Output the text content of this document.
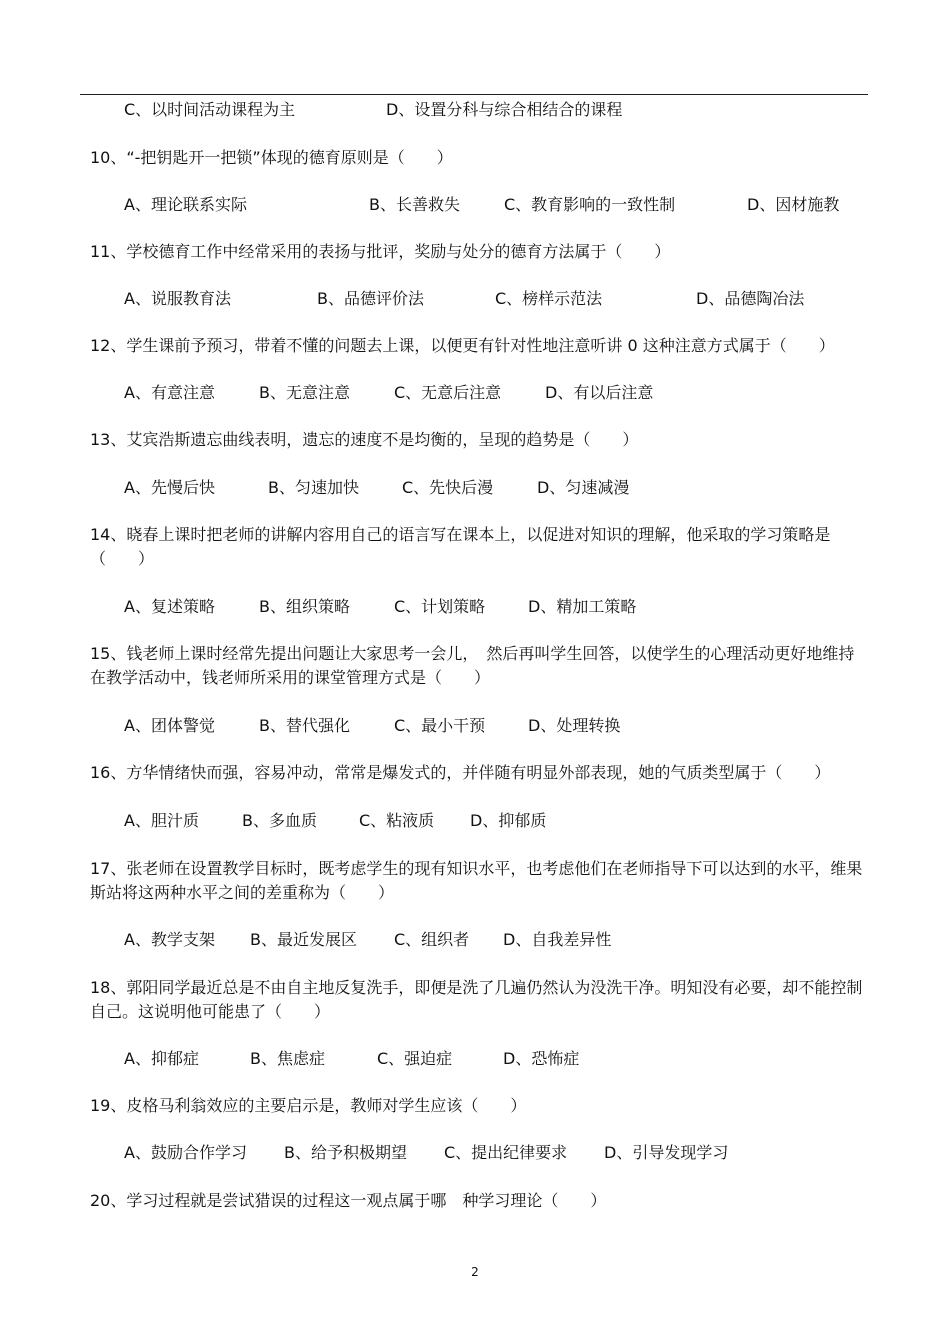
C、以时间活动课程为主	D、设置分科与综合相结合的课程
10、“-把钥匙开一把锁”体现的德育原则是（　　）
A、理论联系实际	B、长善救失	C、教育影响的一致性制	D、因材施教
11、学校德育工作中经常采用的表扬与批评，奖励与处分的德育方法属于（　　）
A、说服教育法	B、品德评价法	C、榜样示范法	D、品德陶冶法
12、学生课前予预习，带着不懂的问题去上课，以便更有针对性地注意听讲 0 这种注意方式属于（　　）
A、有意注意	B、无意注意	C、无意后注意	D、有以后注意
13、艾宾浩斯遗忘曲线表明，遗忘的速度不是均衡的，呈现的趋势是（　　）
A、先慢后快	B、匀速加快	C、先快后漫	D、匀速减漫
14、晓春上课时把老师的讲解内容用自己的语言写在课本上，以促进对知识的理解，他采取的学习策略是（　　）
A、复述策略	B、组织策略	C、计划策略	D、精加工策略
15、钱老师上课时经常先提出问题让大家思考一会儿，　然后再叫学生回答，以使学生的心理活动更好地维持在教学活动中，钱老师所采用的课堂管理方式是（　　）
A、团体警觉	B、替代强化	C、最小干预	D、处理转换
16、方华情绪快而强，容易冲动，常常是爆发式的，并伴随有明显外部表现，她的气质类型属于（　　）
A、胆汁质	B、多血质	C、粘液质 D、抑郁质
17、张老师在设置教学目标时，既考虑学生的现有知识水平，也考虑他们在老师指导下可以达到的水平，维果斯站将这两种水平之间的差重称为（　　）
A、教学支架 B、最近发展区 C、组织者 D、自我差异性
18、郭阳同学最近总是不由自主地反复洗手，即便是洗了几遍仍然认为没洗干净。明知没有必要，却不能控制自己。这说明他可能患了（　　）
A、抑郁症	B、焦虑症	C、强迫症	D、恐怖症
19、皮格马利翁效应的主要启示是，教师对学生应该（　　）
A、鼓励合作学习 B、给予积极期望 C、提出纪律要求 D、引导发现学习
20、学习过程就是尝试猎误的过程这一观点属于哪　种学习理论（　　）
2
